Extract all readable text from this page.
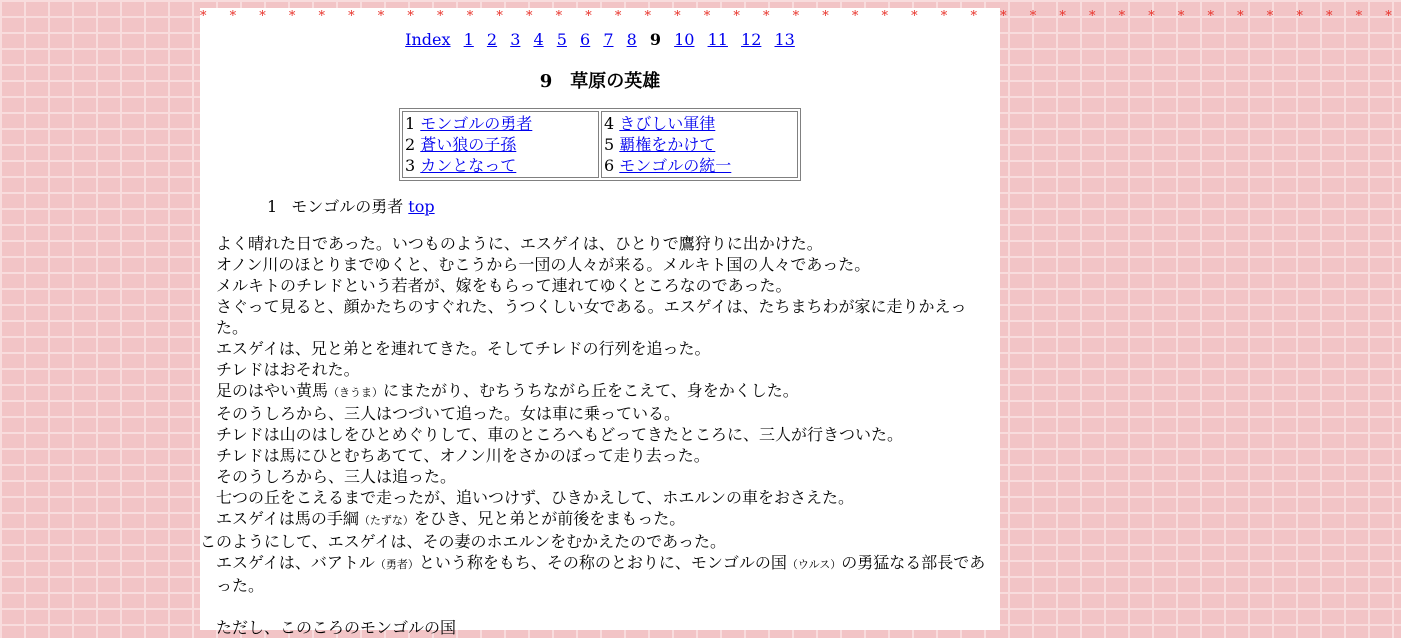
* * * * * * * * * * * * * * * * * * * * * * * * * * * * * * * * * * * * * * * * *
Index 1 2 3 4 5 6 7 8 9 10 11 12 13
9　草原の英雄
1 モンゴルの勇者
2 蒼い狼の子孫
3 カンとなって

4 きびしい軍律
5 覇権をかけて
6 モンゴルの統一
1 モンゴルの勇者 top

よく晴れた日であった。いつものように、エスゲイは、ひとりで鷹狩りに出かけた。

オノン川のほとりまでゆくと、むこうから一団の人々が来る。メルキト国の人々であった。

メルキトのチレドという若者が、嫁をもらって連れてゆくところなのであった。

さぐって見ると、顔かたちのすぐれた、うつくしい女である。エスゲイは、たちまちわが家に走りかえった。

エスゲイは、兄と弟とを連れてきた。そしてチレドの行列を追った。

チレドはおそれた。

足のはやい黄馬（きうま）にまたがり、むちうちながら丘をこえて、身をかくした。

そのうしろから、三人はつづいて追った。女は車に乗っている。

チレドは山のはしをひとめぐりして、車のところへもどってきたところに、三人が行きついた。

チレドは馬にひとむちあてて、オノン川をさかのぼって走り去った。

そのうしろから、三人は追った。

七つの丘をこえるまで走ったが、追いつけず、ひきかえして、ホエルンの車をおさえた。

エスゲイは馬の手綱（たずな）をひき、兄と弟とが前後をまもった。

このようにして、エスゲイは、その妻のホエルンをむかえたのであった。

エスゲイは、バアトル（勇者）という称をもち、その称のとおりに、モンゴルの国（ウルス）の勇猛なる部長であった。

ただし、このころのモンゴルの国
